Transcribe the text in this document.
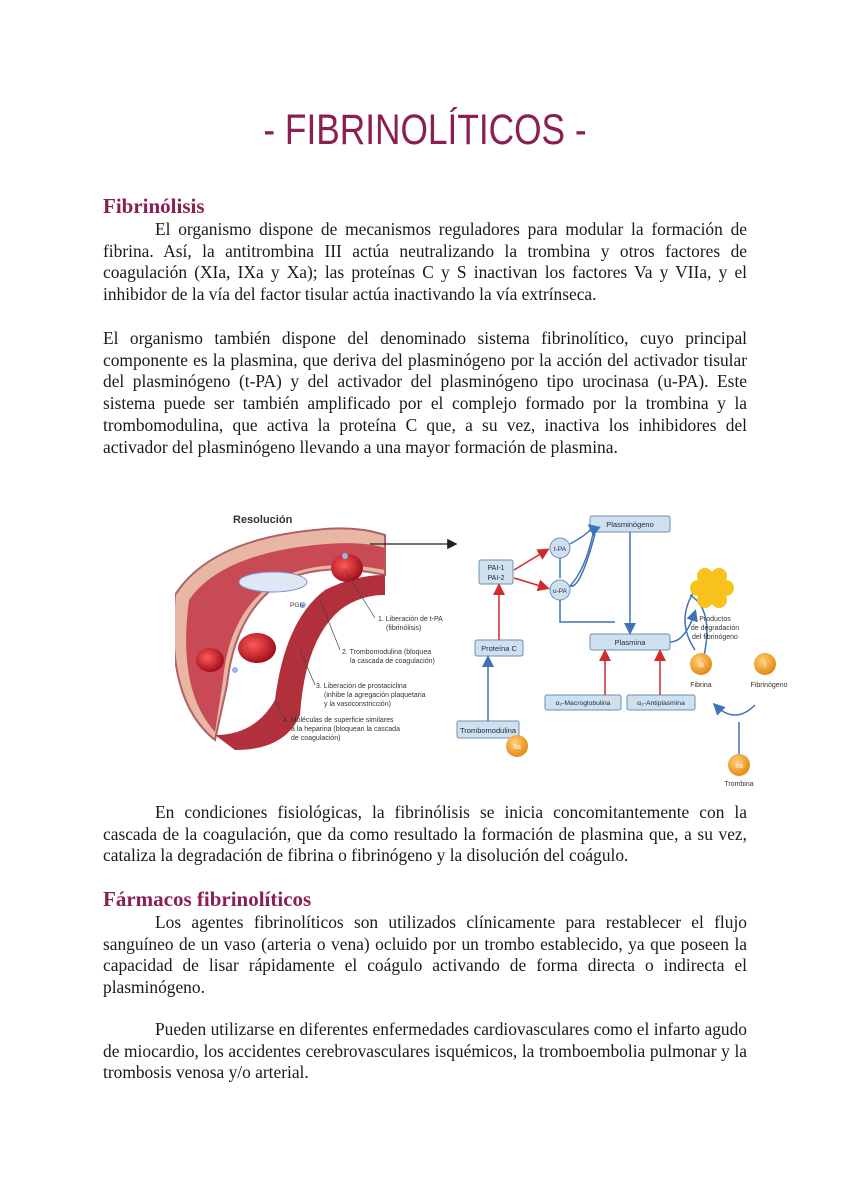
- FIBRINOLÍTICOS -
Fibrinólisis
El organismo dispone de mecanismos reguladores para modular la formación de fibrina. Así, la antitrombina III actúa neutralizando la trombina y otros factores de coagulación (XIa, IXa y Xa); las proteínas C y S inactivan los factores Va y VIIa, y el inhibidor de la vía del factor tisular actúa inactivando la vía extrínseca.
El organismo también dispone del denominado sistema fibrinolítico, cuyo principal componente es la plasmina, que deriva del plasminógeno por la acción del activador tisular del plasminógeno (t-PA) y del activador del plasminógeno tipo urocinasa (u-PA). Este sistema puede ser también amplificado por el complejo formado por la trombina y la trombomodulina, que activa la proteína C que, a su vez, inactiva los inhibidores del activador del plasminógeno llevando a una mayor formación de plasmina.
Resolución
PGI₂
1. Liberación de t-PA
(fibrinólisis)
2. Trombomodulina (bloquea
la cascada de coagulación)
3. Liberación de prostaciclina
(inhibe la agregación plaquetaria
y la vasoconstricción)
4. Moléculas de superficie similares
a la heparina (bloquean la cascada
de coagulación)
Plasminógeno
t-PA
u-PA
PAI-1
PAI-2
Proteína C
Plasmina
α₂-Macroglobulina	α₂-Antiplasmina
Trombomodulina
IIa
Productos
de degradación
del fibrinógeno
Ia	I
Fibrina	Fibrinógeno
IIa
Trombina
En condiciones fisiológicas, la fibrinólisis se inicia concomitantemente con la cascada de la coagulación, que da como resultado la formación de plasmina que, a su vez, cataliza la degradación de fibrina o fibrinógeno y la disolución del coágulo.
Fármacos fibrinolíticos
Los agentes fibrinolíticos son utilizados clínicamente para restablecer el flujo sanguíneo de un vaso (arteria o vena) ocluido por un trombo establecido, ya que poseen la capacidad de lisar rápidamente el coágulo activando de forma directa o indirecta el plasminógeno.
Pueden utilizarse en diferentes enfermedades cardiovasculares como el infarto agudo de miocardio, los accidentes cerebrovasculares isquémicos, la tromboembolia pulmonar y la trombosis venosa y/o arterial.
